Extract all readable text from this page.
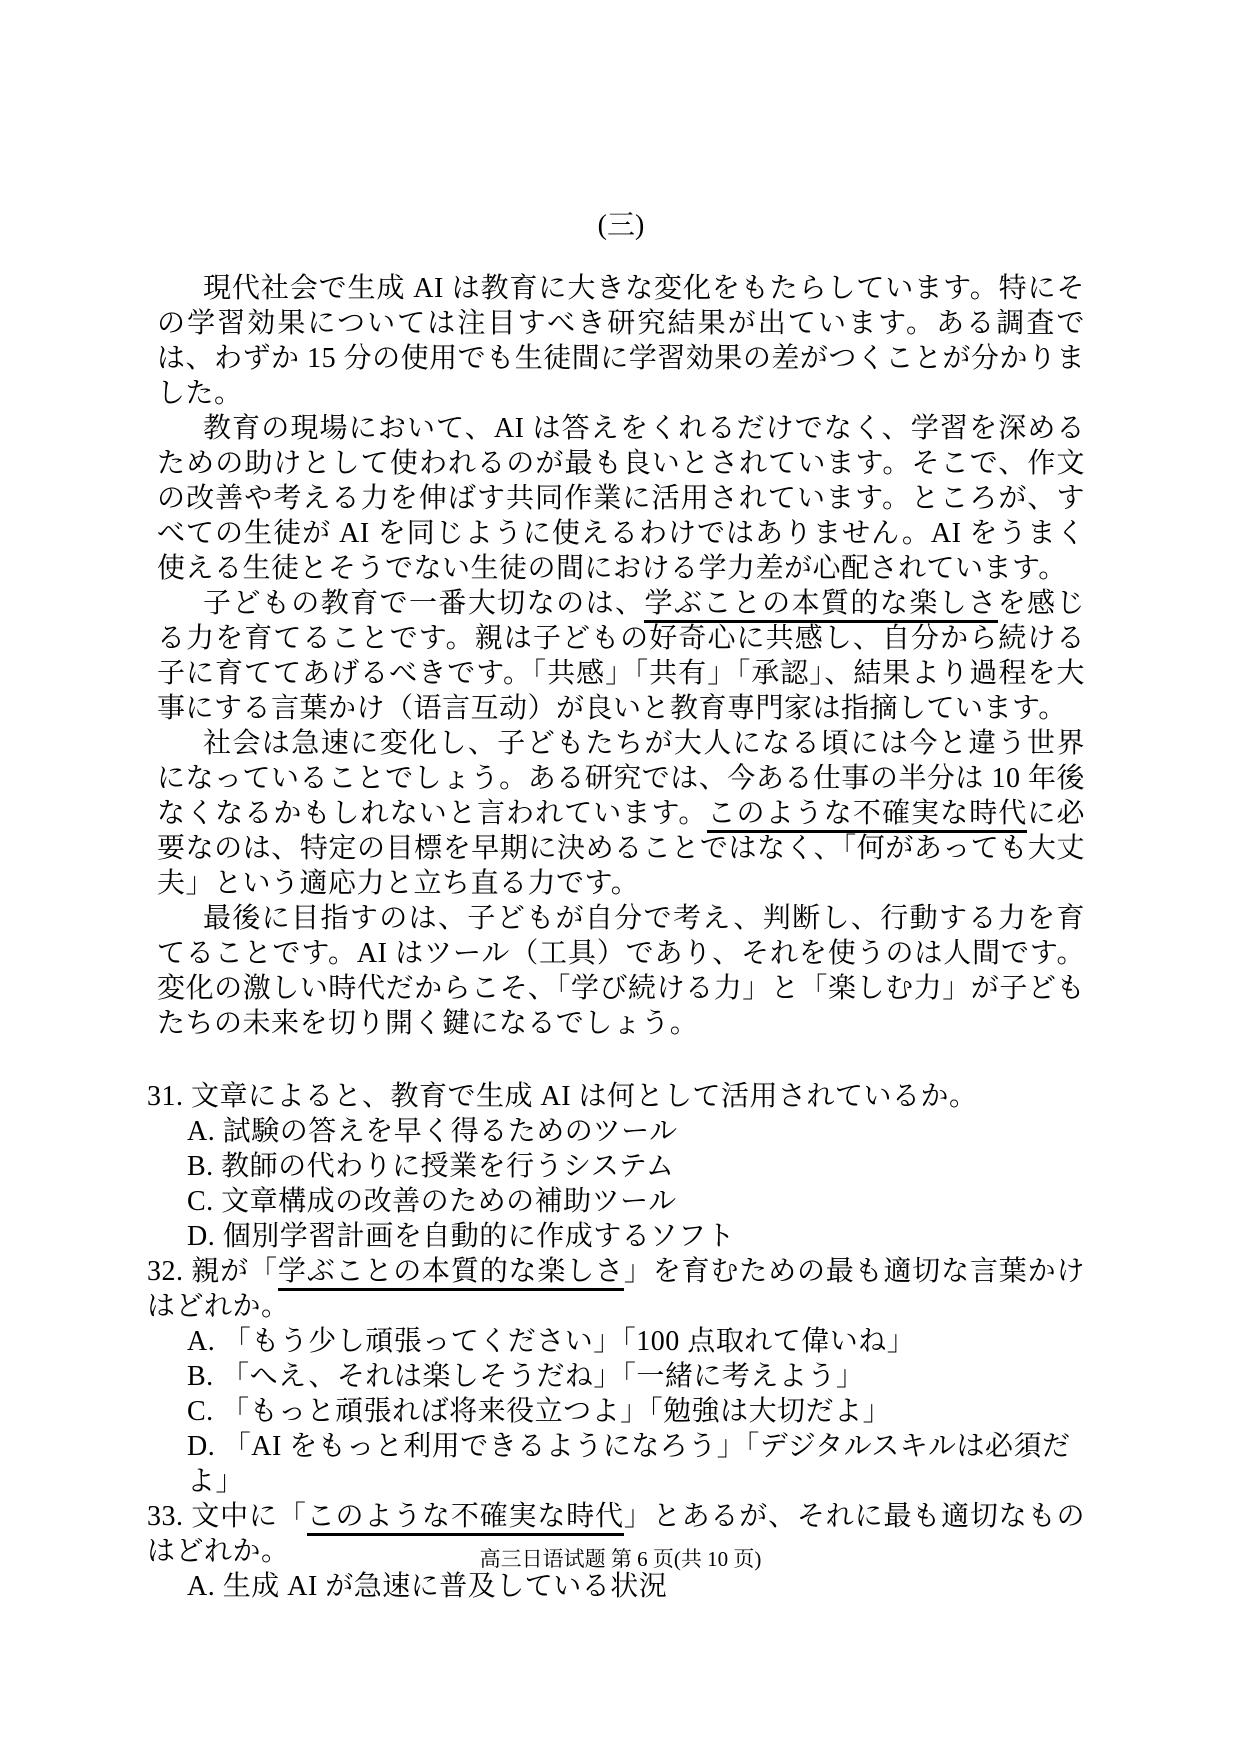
(三)

現代社会で生成 AI は教育に大きな変化をもたらしています。特にその学習効果については注目すべき研究結果が出ています。ある調査では、わずか 15 分の使用でも生徒間に学習効果の差がつくことが分かりました。

教育の現場において、AI は答えをくれるだけでなく、学習を深めるための助けとして使われるのが最も良いとされています。そこで、作文の改善や考える力を伸ばす共同作業に活用されています。ところが、すべての生徒が AI を同じように使えるわけではありません。AI をうまく使える生徒とそうでない生徒の間における学力差が心配されています。

子どもの教育で一番大切なのは、学ぶことの本質的な楽しさを感じる力を育てることです。親は子どもの好奇心に共感し、自分から続ける子に育ててあげるべきです。「共感」「共有」「承認」、結果より過程を大事にする言葉かけ（语言互动）が良いと教育専門家は指摘しています。

社会は急速に変化し、子どもたちが大人になる頃には今と違う世界になっていることでしょう。ある研究では、今ある仕事の半分は 10 年後なくなるかもしれないと言われています。このような不確実な時代に必要なのは、特定の目標を早期に決めることではなく、「何があっても大丈夫」という適応力と立ち直る力です。

最後に目指すのは、子どもが自分で考え、判断し、行動する力を育てることです。AI はツール（工具）であり、それを使うのは人間です。変化の激しい時代だからこそ、「学び続ける力」と「楽しむ力」が子どもたちの未来を切り開く鍵になるでしょう。

31. 文章によると、教育で生成 AI は何として活用されているか。

A. 試験の答えを早く得るためのツール

B. 教師の代わりに授業を行うシステム

C. 文章構成の改善のための補助ツール

D. 個別学習計画を自動的に作成するソフト

32. 親が「学ぶことの本質的な楽しさ」を育むための最も適切な言葉かけはどれか。

A. 「もう少し頑張ってください」「100 点取れて偉いね」

B. 「へえ、それは楽しそうだね」「一緒に考えよう」

C. 「もっと頑張れば将来役立つよ」「勉強は大切だよ」

D. 「AI をもっと利用できるようになろう」「デジタルスキルは必須だよ」

33. 文中に「このような不確実な時代」とあるが、それに最も適切なものはどれか。

A. 生成 AI が急速に普及している状況

高三日语试题 第 6 页(共 10 页)
